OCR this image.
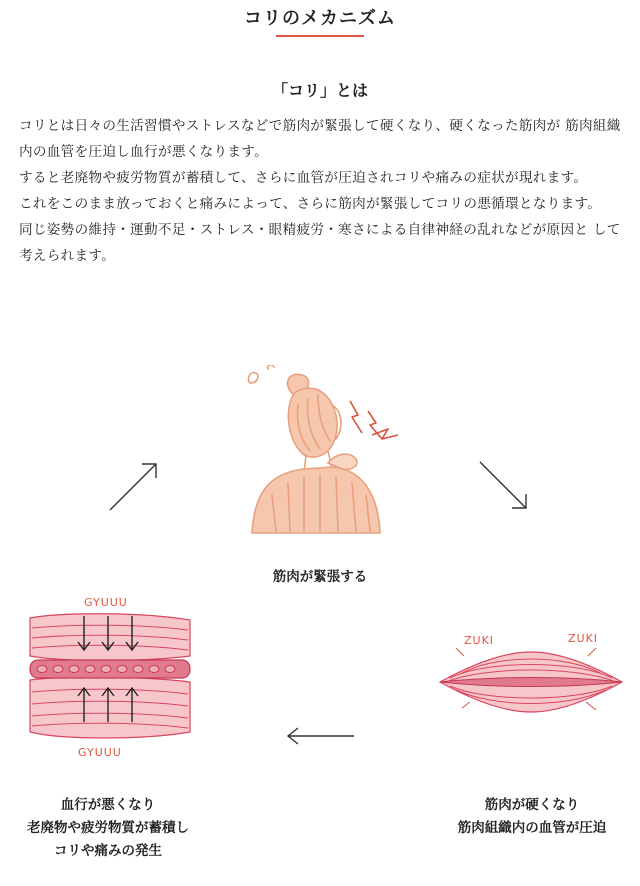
コリのメカニズム
「コリ」とは

コリとは日々の生活習慣やストレスなどで筋肉が緊張して硬くなり、硬くなった筋肉が 筋肉組織内の血管を圧迫し血行が悪くなります。

すると老廃物や疲労物質が蓄積して、さらに血管が圧迫されコリや痛みの症状が現れます。

これをこのまま放っておくと痛みによって、さらに筋肉が緊張してコリの悪循環となります。

同じ姿勢の維持・運動不足・ストレス・眼精疲労・寒さによる自律神経の乱れなどが原因と して考えられます。

筋肉が緊張する
GYUUU
GYUUU
血行が悪くなり
老廃物や疲労物質が蓄積し
コリや痛みの発生
ZUKI	ZUKI
筋肉が硬くなり
筋肉組織内の血管が圧迫
